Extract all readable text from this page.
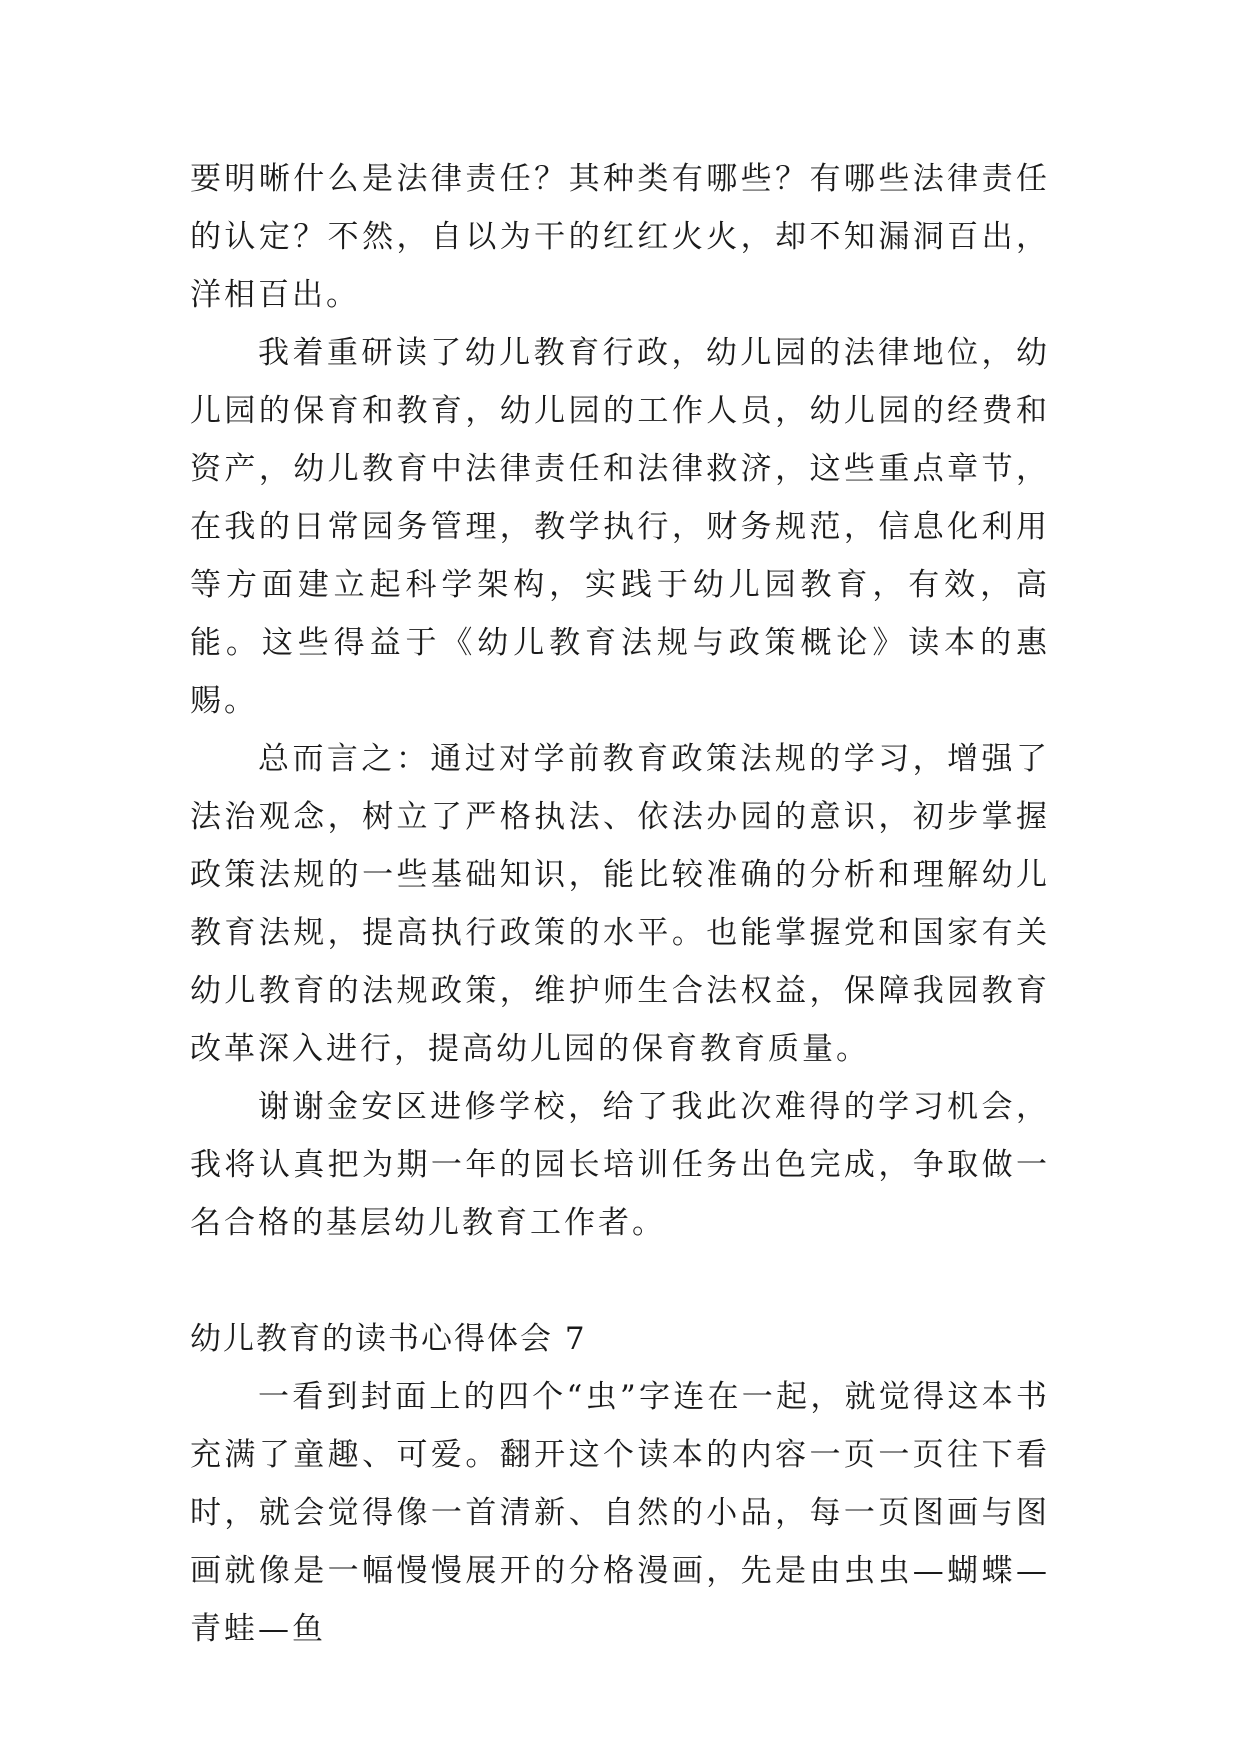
要明晰什么是法律责任？其种类有哪些？有哪些法律责任的认定？不然，自以为干的红红火火，却不知漏洞百出，洋相百出。

我着重研读了幼儿教育行政，幼儿园的法律地位，幼儿园的保育和教育，幼儿园的工作人员，幼儿园的经费和资产，幼儿教育中法律责任和法律救济，这些重点章节，在我的日常园务管理，教学执行，财务规范，信息化利用等方面建立起科学架构，实践于幼儿园教育，有效，高能。这些得益于《幼儿教育法规与政策概论》读本的惠赐。

总而言之：通过对学前教育政策法规的学习，增强了法治观念，树立了严格执法、依法办园的意识，初步掌握政策法规的一些基础知识，能比较准确的分析和理解幼儿教育法规，提高执行政策的水平。也能掌握党和国家有关幼儿教育的法规政策，维护师生合法权益，保障我园教育改革深入进行，提高幼儿园的保育教育质量。

谢谢金安区进修学校，给了我此次难得的学习机会，我将认真把为期一年的园长培训任务出色完成，争取做一名合格的基层幼儿教育工作者。

幼儿教育的读书心得体会 7

一看到封面上的四个“虫”字连在一起，就觉得这本书充满了童趣、可爱。翻开这个读本的内容一页一页往下看时，就会觉得像一首清新、自然的小品，每一页图画与图画就像是一幅慢慢展开的分格漫画，先是由虫虫—蝴蝶—青蛙—鱼
